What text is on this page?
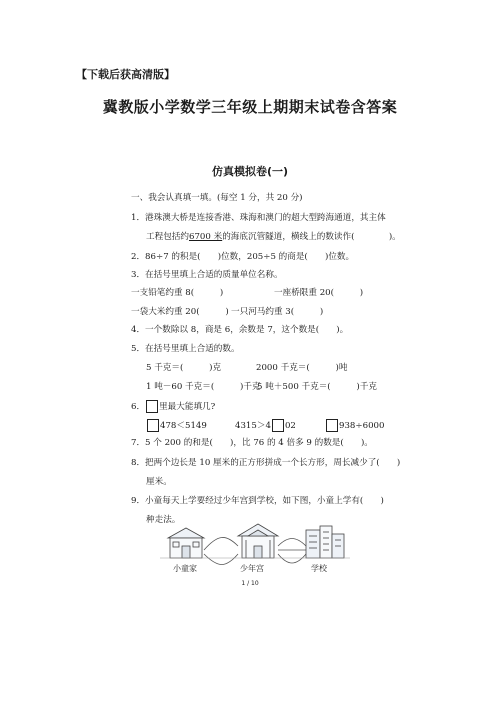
【下载后获高清版】
冀教版小学数学三年级上期期末试卷含答案
仿真模拟卷(一)
一、我会认真填一填。(每空 1 分，共 20 分)
1．港珠澳大桥是连接香港、珠海和澳门的超大型跨海通道，其主体
工程包括约6700 米的海底沉管隧道，横线上的数读作(　　　　)。
2．86÷7 的积是(　　)位数，205÷5 的商是(　　)位数。
3．在括号里填上合适的质量单位名称。
一支铅笔约重 8(　　　)	一座桥限重 20(　　　)
一袋大米约重 20(　　　) 一只河马约重 3(　　　)
4．一个数除以 8，商是 6，余数是 7，这个数是(　　)。
5．在括号里填上合适的数。
5 千克＝(　　　)克	2000 千克＝(　　　)吨
1 吨－60 千克＝(　　　)千克
5 吨＋500 千克＝(　　　)千克
6． 里最大能填几?
478＜5149	4315＞4 02	938÷6000
7．5 个 200 的和是(　　)，比 76 的 4 倍多 9 的数是(　　)。
8．把两个边长是 10 厘米的正方形拼成一个长方形，周长减少了(　　)
厘米。
9．小童每天上学要经过少年宫到学校，如下图，小童上学有(　　)
种走法。
小童家	少年宫	学校
1 / 10
